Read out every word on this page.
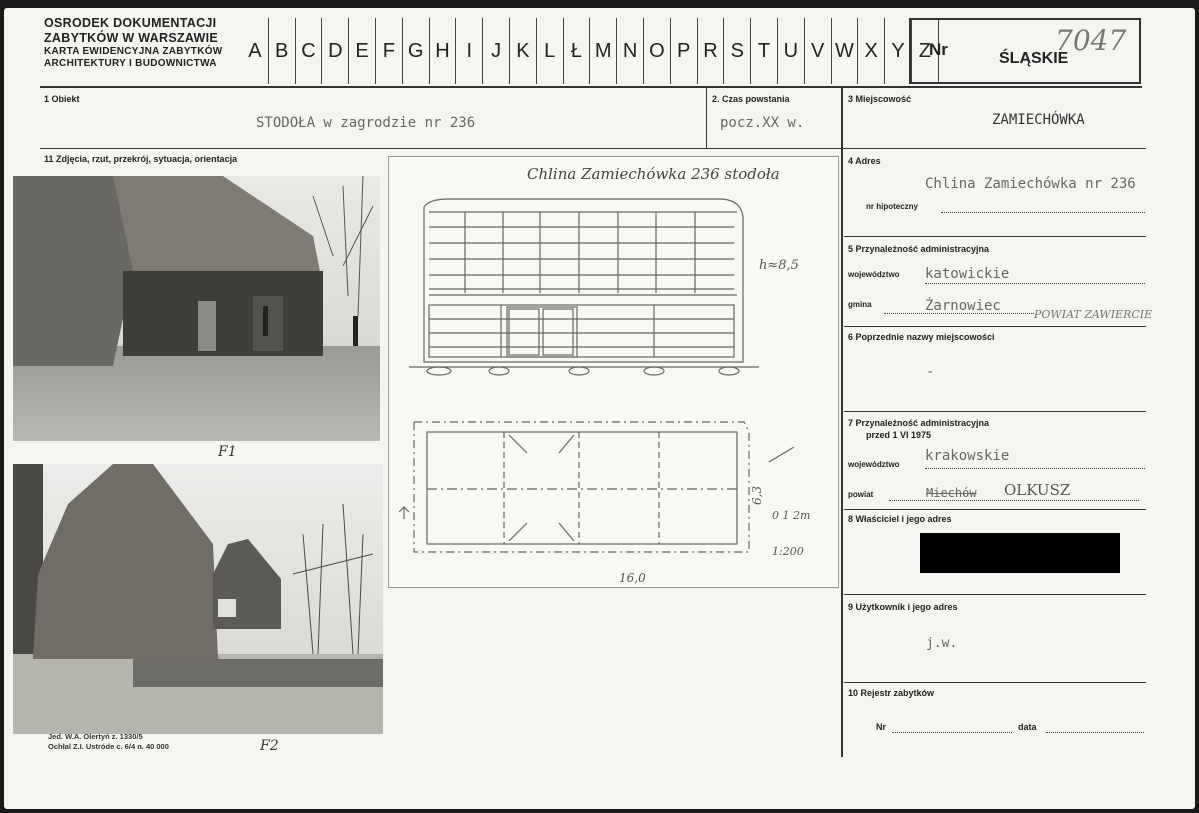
OSRODEK DOKUMENTACJI
ZABYTKÓW W WARSZAWIE
KARTA EWIDENCYJNA ZABYTKÓW
ARCHITEKTURY I BUDOWNICTWA
A B C D E F G H I J K L Ł M N O P R S T U V W X Y Z
Nr	ŚLĄSKIE
7047
1 Obiekt
STODOŁA w zagrodzie nr 236
2. Czas powstania
pocz.XX w.
3 Miejscowość
ZAMIECHÓWKA
11 Zdjęcia, rzut, przekrój, sytuacja, orientacja
F1
F2
Jed. W.A. Olertyń z. 1330/5
Ochłal Z.I. Ustróde c. 6/4 n. 40 000
Chlina Zamiechówka 236 stodoła
h≈8,5
6,3
16,0
0 1 2m
1:200
4 Adres
Chlina Zamiechówka nr 236
nr hipoteczny
5 Przynależność administracyjna
województwo katowickie
gmina	Żarnowiec
POWIAT ZAWIERCIE
6 Poprzednie nazwy miejscowości
-
7 Przynależność administracyjna
przed 1 VI 1975
województwo
krakowskie
powiat	Miechów OLKUSZ
8 Właściciel i jego adres
9 Użytkownik i jego adres
j.w.
10 Rejestr zabytków
Nr	data
